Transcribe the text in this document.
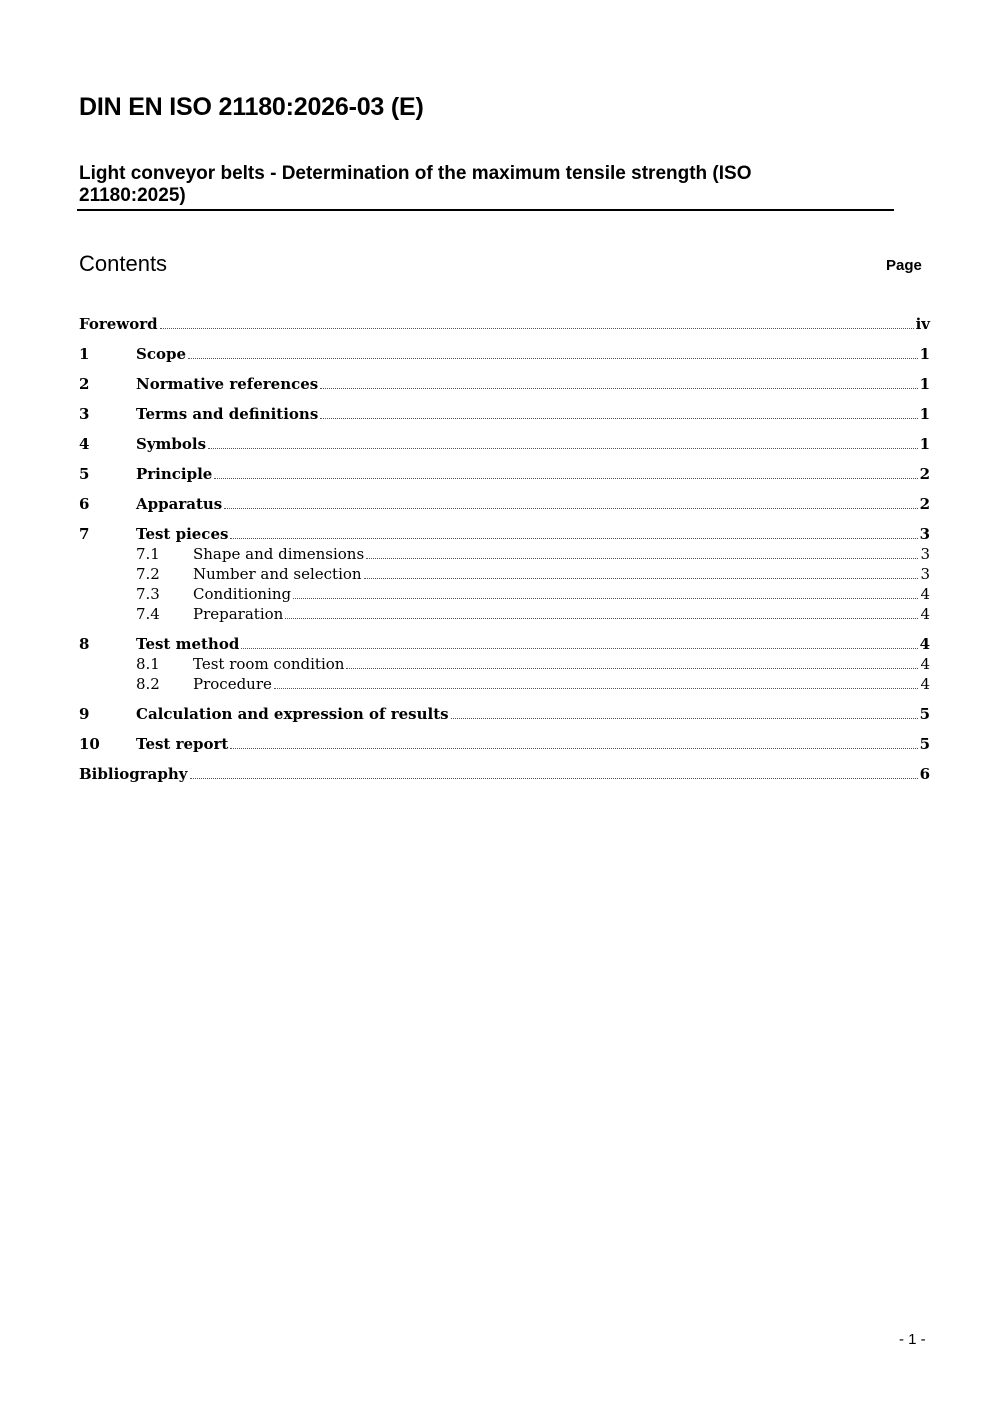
DIN EN ISO 21180:2026-03 (E)
Light conveyor belts - Determination of the maximum tensile strength (ISO 21180:2025)
Contents	Page
Foreword	iv
1	Scope	1
2	Normative references	1
3	Terms and definitions	1
4	Symbols	1
5	Principle	2
6	Apparatus	2
7	Test pieces	3
7.1	Shape and dimensions	3
7.2	Number and selection	3
7.3	Conditioning	4
7.4	Preparation	4
8	Test method	4
8.1	Test room condition	4
8.2	Procedure	4
9	Calculation and expression of results	5
10	Test report	5
Bibliography	6
- 1 -
